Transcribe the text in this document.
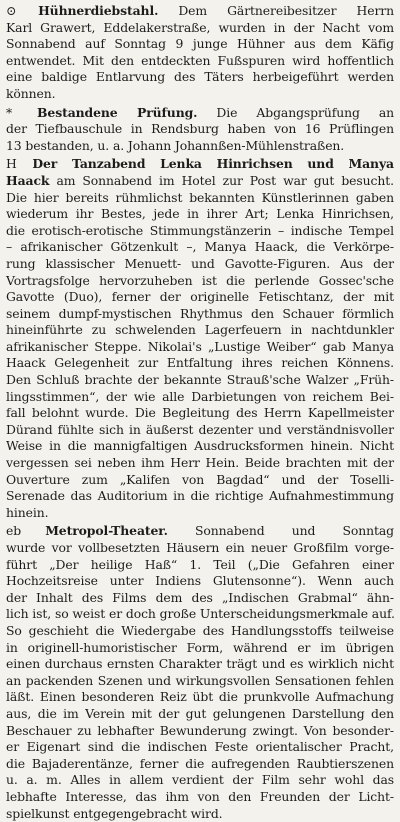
⊙ Hühnerdiebstahl. Dem Gärtnereibesitzer Herrn
Karl Grawert, Eddelakerstraße, wurden in der Nacht vom
Sonnabend auf Sonntag 9 junge Hühner aus dem Käfig
entwendet. Mit den entdeckten Fußspuren wird hoffentlich
eine baldige Entlarvung des Täters herbeigeführt werden
können.
* Bestandene Prüfung. Die Abgangsprüfung an
der Tiefbauschule in Rendsburg haben von 16 Prüflingen
13 bestanden, u. a. Johann Johannßen-Mühlenstraßen.
H Der Tanzabend Lenka Hinrichsen und Manya
Haack am Sonnabend im Hotel zur Post war gut besucht.
Die hier bereits rühmlichst bekannten Künstlerinnen gaben
wiederum ihr Bestes, jede in ihrer Art; Lenka Hinrichsen,
die erotisch-erotische Stimmungstänzerin – indische Tempel
– afrikanischer Götzenkult –, Manya Haack, die Verkörpe-
rung klassischer Menuett- und Gavotte-Figuren. Aus der
Vortragsfolge hervorzuheben ist die perlende Gossec'sche
Gavotte (Duo), ferner der originelle Fetischtanz, der mit
seinem dumpf-mystischen Rhythmus den Schauer förmlich
hineinführte zu schwelenden Lagerfeuern in nachtdunkler
afrikanischer Steppe. Nikolai's „Lustige Weiber“ gab Manya
Haack Gelegenheit zur Entfaltung ihres reichen Könnens.
Den Schluß brachte der bekannte Strauß'sche Walzer „Früh-
lingsstimmen“, der wie alle Darbietungen von reichem Bei-
fall belohnt wurde. Die Begleitung des Herrn Kapellmeister
Dürand fühlte sich in äußerst dezenter und verständnisvoller
Weise in die mannigfaltigen Ausdrucksformen hinein. Nicht
vergessen sei neben ihm Herr Hein. Beide brachten mit der
Ouverture zum „Kalifen von Bagdad“ und der Toselli-
Serenade das Auditorium in die richtige Aufnahmestimmung
hinein.
eb Metropol-Theater. Sonnabend und Sonntag
wurde vor vollbesetzten Häusern ein neuer Großfilm vorge-
führt „Der heilige Haß“ 1. Teil („Die Gefahren einer
Hochzeitsreise unter Indiens Glutensonne“). Wenn auch
der Inhalt des Films dem des „Indischen Grabmal“ ähn-
lich ist, so weist er doch große Unterscheidungsmerkmale auf.
So geschieht die Wiedergabe des Handlungsstoffs teilweise
in originell-humoristischer Form, während er im übrigen
einen durchaus ernsten Charakter trägt und es wirklich nicht
an packenden Szenen und wirkungsvollen Sensationen fehlen
läßt. Einen besonderen Reiz übt die prunkvolle Aufmachung
aus, die im Verein mit der gut gelungenen Darstellung den
Beschauer zu lebhafter Bewunderung zwingt. Von besonder-
er Eigenart sind die indischen Feste orientalischer Pracht,
die Bajaderentänze, ferner die aufregenden Raubtierszenen
u. a. m. Alles in allem verdient der Film sehr wohl das
lebhafte Interesse, das ihm von den Freunden der Licht-
spielkunst entgegengebracht wird.
